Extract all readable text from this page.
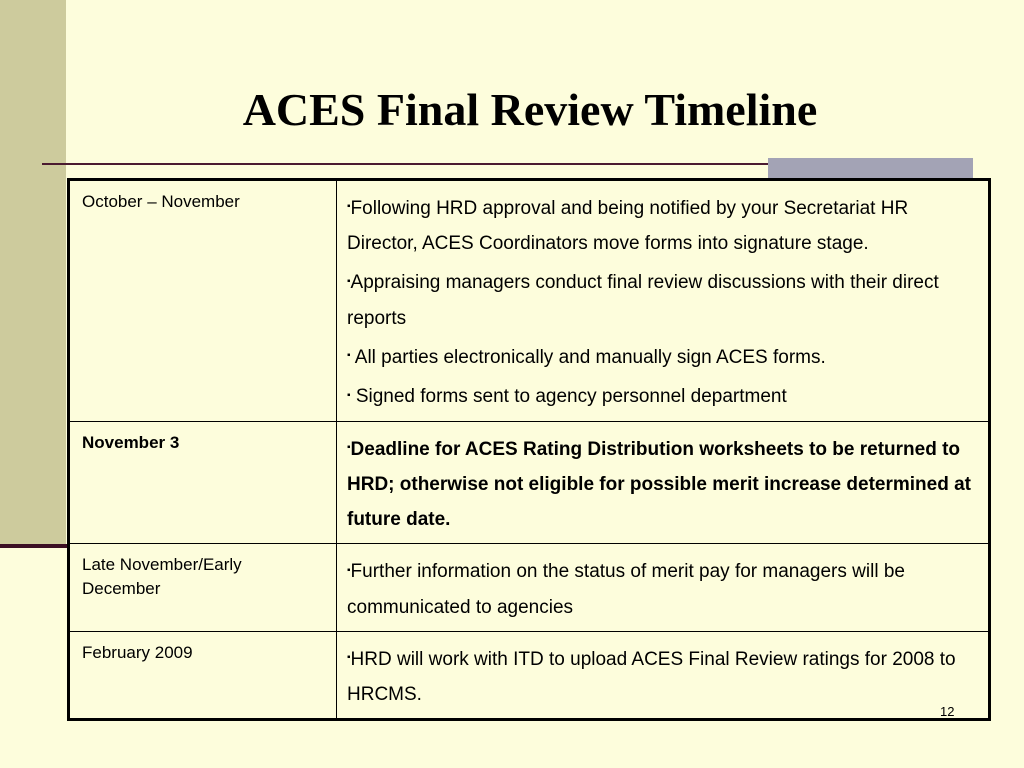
ACES Final Review Timeline
October – November	▪Following HRD approval and being notified by your Secretariat HR Director, ACES Coordinators move forms into signature stage.

▪Appraising managers conduct final review discussions with their direct reports

▪ All parties electronically and manually sign ACES forms.

▪ Signed forms sent to agency personnel department

November 3	▪Deadline for ACES Rating Distribution worksheets to be returned to HRD; otherwise not eligible for possible merit increase determined at future date.

Late November/Early December	▪Further information on the status of merit pay for managers will be communicated to agencies

February 2009	▪HRD will work with ITD to upload ACES Final Review ratings for 2008 to HRCMS.

12
